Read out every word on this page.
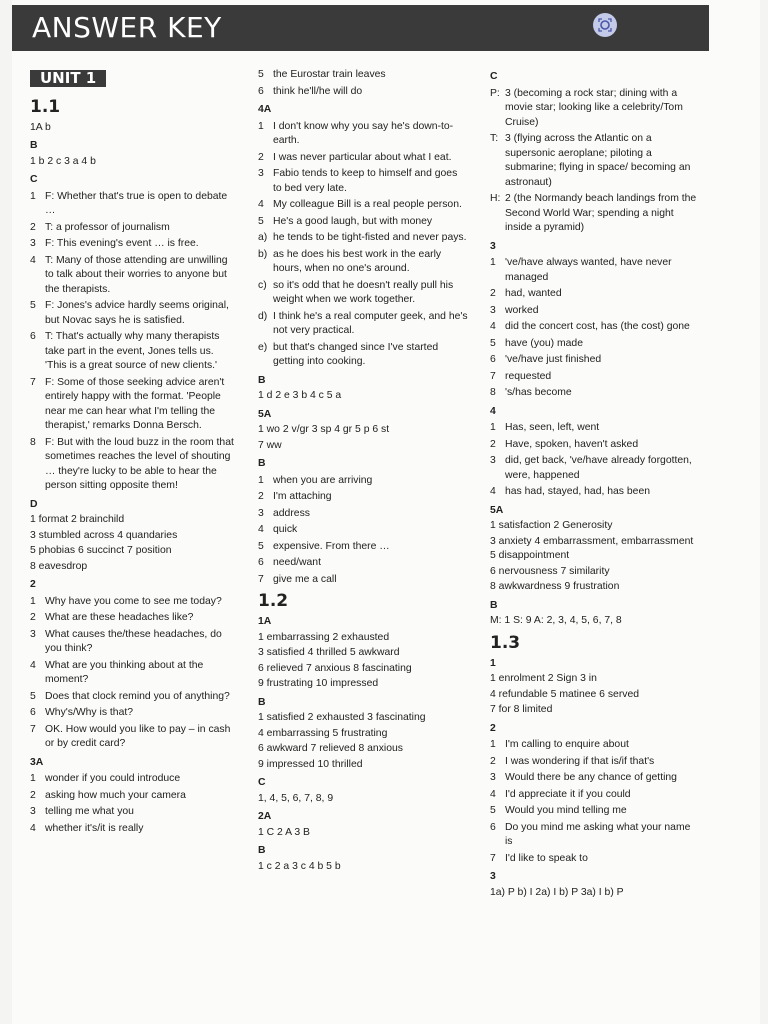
ANSWER KEY
UNIT 1

1.1
1A b
B
1 b 2 c 3 a 4 b
C
1 F: Whether that's true is open to debate …
2 T: a professor of journalism
3 F: This evening's event … is free.
4 T: Many of those attending are unwilling to talk about their worries to anyone but the therapists.
5 F: Jones's advice hardly seems original, but Novac says he is satisfied.
6 T: That's actually why many therapists take part in the event, Jones tells us. 'This is a great source of new clients.'
7 F: Some of those seeking advice aren't entirely happy with the format. 'People near me can hear what I'm telling the therapist,' remarks Donna Bersch.
8 F: But with the loud buzz in the room that sometimes reaches the level of shouting … they're lucky to be able to hear the person sitting opposite them!
D
1 format 2 brainchild
3 stumbled across 4 quandaries
5 phobias 6 succinct 7 position
8 eavesdrop
2
1 Why have you come to see me today?
2 What are these headaches like?
3 What causes the/these headaches, do you think?
4 What are you thinking about at the moment?
5 Does that clock remind you of anything?
6 Why's/Why is that?
7 OK. How would you like to pay – in cash or by credit card?
3A
1 wonder if you could introduce
2 asking how much your camera
3 telling me what you
4 whether it's/it is really
5 the Eurostar train leaves
6 think he'll/he will do
4A
1 I don't know why you say he's down-to-earth.
2 I was never particular about what I eat.
3 Fabio tends to keep to himself and goes to bed very late.
4 My colleague Bill is a real people person.
5 He's a good laugh, but with money
a) he tends to be tight-fisted and never pays.
b) as he does his best work in the early hours, when no one's around.
c) so it's odd that he doesn't really pull his weight when we work together.
d) I think he's a real computer geek, and he's not very practical.
e) but that's changed since I've started getting into cooking.
B
1 d 2 e 3 b 4 c 5 a
5A
1 wo 2 v/gr 3 sp 4 gr 5 p 6 st
7 ww
B
1 when you are arriving
2 I'm attaching
3 address
4 quick
5 expensive. From there …
6 need/want
7 give me a call
1.2
1A
1 embarrassing 2 exhausted
3 satisfied 4 thrilled 5 awkward
6 relieved 7 anxious 8 fascinating
9 frustrating 10 impressed
B
1 satisfied 2 exhausted 3 fascinating
4 embarrassing 5 frustrating
6 awkward 7 relieved 8 anxious
9 impressed 10 thrilled
C
1, 4, 5, 6, 7, 8, 9
2A
1 C 2 A 3 B
B
1 c 2 a 3 c 4 b 5 b
C
P: 3 (becoming a rock star; dining with a movie star; looking like a celebrity/Tom Cruise)
T: 3 (flying across the Atlantic on a supersonic aeroplane; piloting a submarine; flying in space/ becoming an astronaut)
H: 2 (the Normandy beach landings from the Second World War; spending a night inside a pyramid)
3
1 've/have always wanted, have never managed
2 had, wanted
3 worked
4 did the concert cost, has (the cost) gone
5 have (you) made
6 've/have just finished
7 requested
8 's/has become
4
1 Has, seen, left, went
2 Have, spoken, haven't asked
3 did, get back, 've/have already forgotten, were, happened
4 has had, stayed, had, has been
5A
1 satisfaction 2 Generosity
3 anxiety 4 embarrassment, embarrassment 5 disappointment
6 nervousness 7 similarity
8 awkwardness 9 frustration
B
M: 1 S: 9 A: 2, 3, 4, 5, 6, 7, 8
1.3
1
1 enrolment 2 Sign 3 in
4 refundable 5 matinee 6 served
7 for 8 limited
2
1 I'm calling to enquire about
2 I was wondering if that is/if that's
3 Would there be any chance of getting
4 I'd appreciate it if you could
5 Would you mind telling me
6 Do you mind me asking what your name is
7 I'd like to speak to
3
1a) P b) I 2a) I b) P 3a) I b) P
